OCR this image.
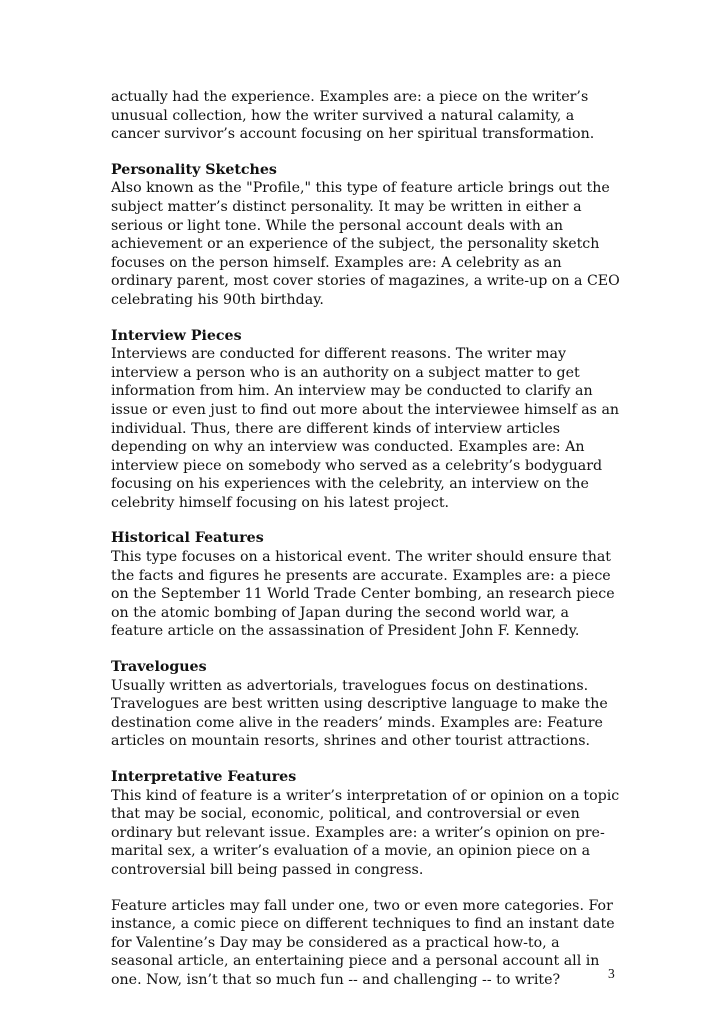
actually had the experience. Examples are: a piece on the writer’s
unusual collection, how the writer survived a natural calamity, a
cancer survivor’s account focusing on her spiritual transformation.

Personality Sketches
Also known as the "Profile," this type of feature article brings out the
subject matter’s distinct personality. It may be written in either a
serious or light tone. While the personal account deals with an
achievement or an experience of the subject, the personality sketch
focuses on the person himself. Examples are: A celebrity as an
ordinary parent, most cover stories of magazines, a write-up on a CEO
celebrating his 90th birthday.
Interview Pieces
Interviews are conducted for different reasons. The writer may
interview a person who is an authority on a subject matter to get
information from him. An interview may be conducted to clarify an
issue or even just to find out more about the interviewee himself as an
individual. Thus, there are different kinds of interview articles
depending on why an interview was conducted. Examples are: An
interview piece on somebody who served as a celebrity’s bodyguard
focusing on his experiences with the celebrity, an interview on the
celebrity himself focusing on his latest project.
Historical Features
This type focuses on a historical event. The writer should ensure that
the facts and figures he presents are accurate. Examples are: a piece
on the September 11 World Trade Center bombing, an research piece
on the atomic bombing of Japan during the second world war, a
feature article on the assassination of President John F. Kennedy.
Travelogues
Usually written as advertorials, travelogues focus on destinations.
Travelogues are best written using descriptive language to make the
destination come alive in the readers’ minds. Examples are: Feature
articles on mountain resorts, shrines and other tourist attractions.
Interpretative Features
This kind of feature is a writer’s interpretation of or opinion on a topic
that may be social, economic, political, and controversial or even
ordinary but relevant issue. Examples are: a writer’s opinion on pre-
marital sex, a writer’s evaluation of a movie, an opinion piece on a
controversial bill being passed in congress.

Feature articles may fall under one, two or even more categories. For
instance, a comic piece on different techniques to find an instant date
for Valentine’s Day may be considered as a practical how-to, a
seasonal article, an entertaining piece and a personal account all in
one. Now, isn’t that so much fun -- and challenging -- to write?	3
